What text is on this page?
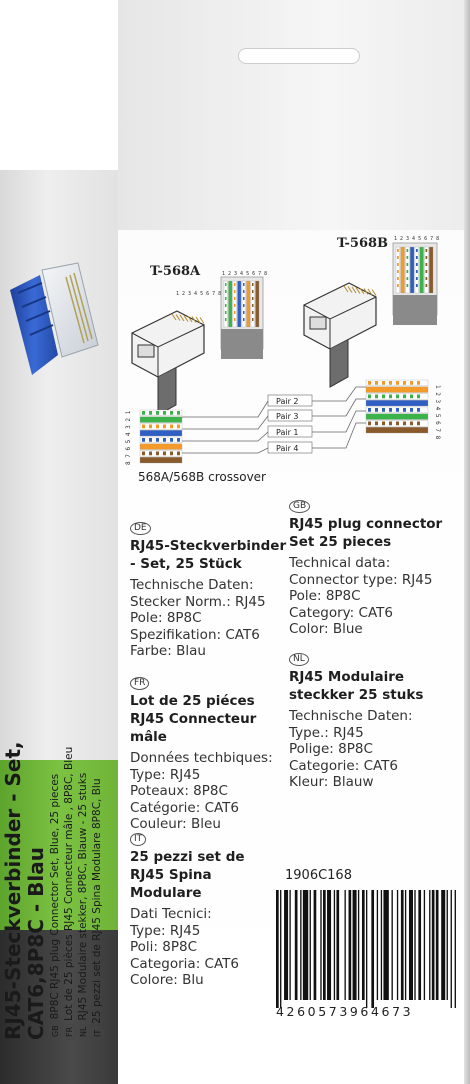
RJ45-Steckverbinder - Set, CAT6,8P8C - Blau GB8P8C RJ45 plug Connector Set, Blue, 25 pieces
FRLot de 25 pièces RJ45 Connecteur mâle , 8P8C, Bleu
NLRJ45 Modulaire stekker, 8P8C, Blauw - 25 stuks
IT25 pezzi set de RJ45 Spina Modulare 8P8C, Blu
1 2 3 4 5 6 7 8
1 2 3 4 5 6 7 8
1 2 3 4 5 6 7 8
8 7 6 5 4 3 2 1	1 2 3 4 5 6 7 8
Pair 2
Pair 3
Pair 1
Pair 4
T-568A
T-568B
568A/568B crossover
DE
RJ45-Steckverbinder - Set, 25 Stück
Technische Daten:
Stecker Norm.: RJ45
Pole: 8P8C
Spezifikation: CAT6
Farbe: Blau
GB
RJ45 plug connector Set 25 pieces
Technical data:
Connector type: RJ45
Pole: 8P8C
Category: CAT6
Color: Blue
FR
Lot de 25 piéces RJ45 Connecteur mâle
Données techbiques:
Type: RJ45
Poteaux: 8P8C
Catégorie: CAT6
Couleur: Bleu
NL
RJ45 Modulaire steckker 25 stuks
Technische Daten:
Type.: RJ45
Polige: 8P8C
Categorie: CAT6
Kleur: Blauw
IT
25 pezzi set de RJ45 Spina Modulare
Dati Tecnici:
Type: RJ45
Poli: 8P8C
Categoria: CAT6
Colore: Blu
1906C168
4260573964673
